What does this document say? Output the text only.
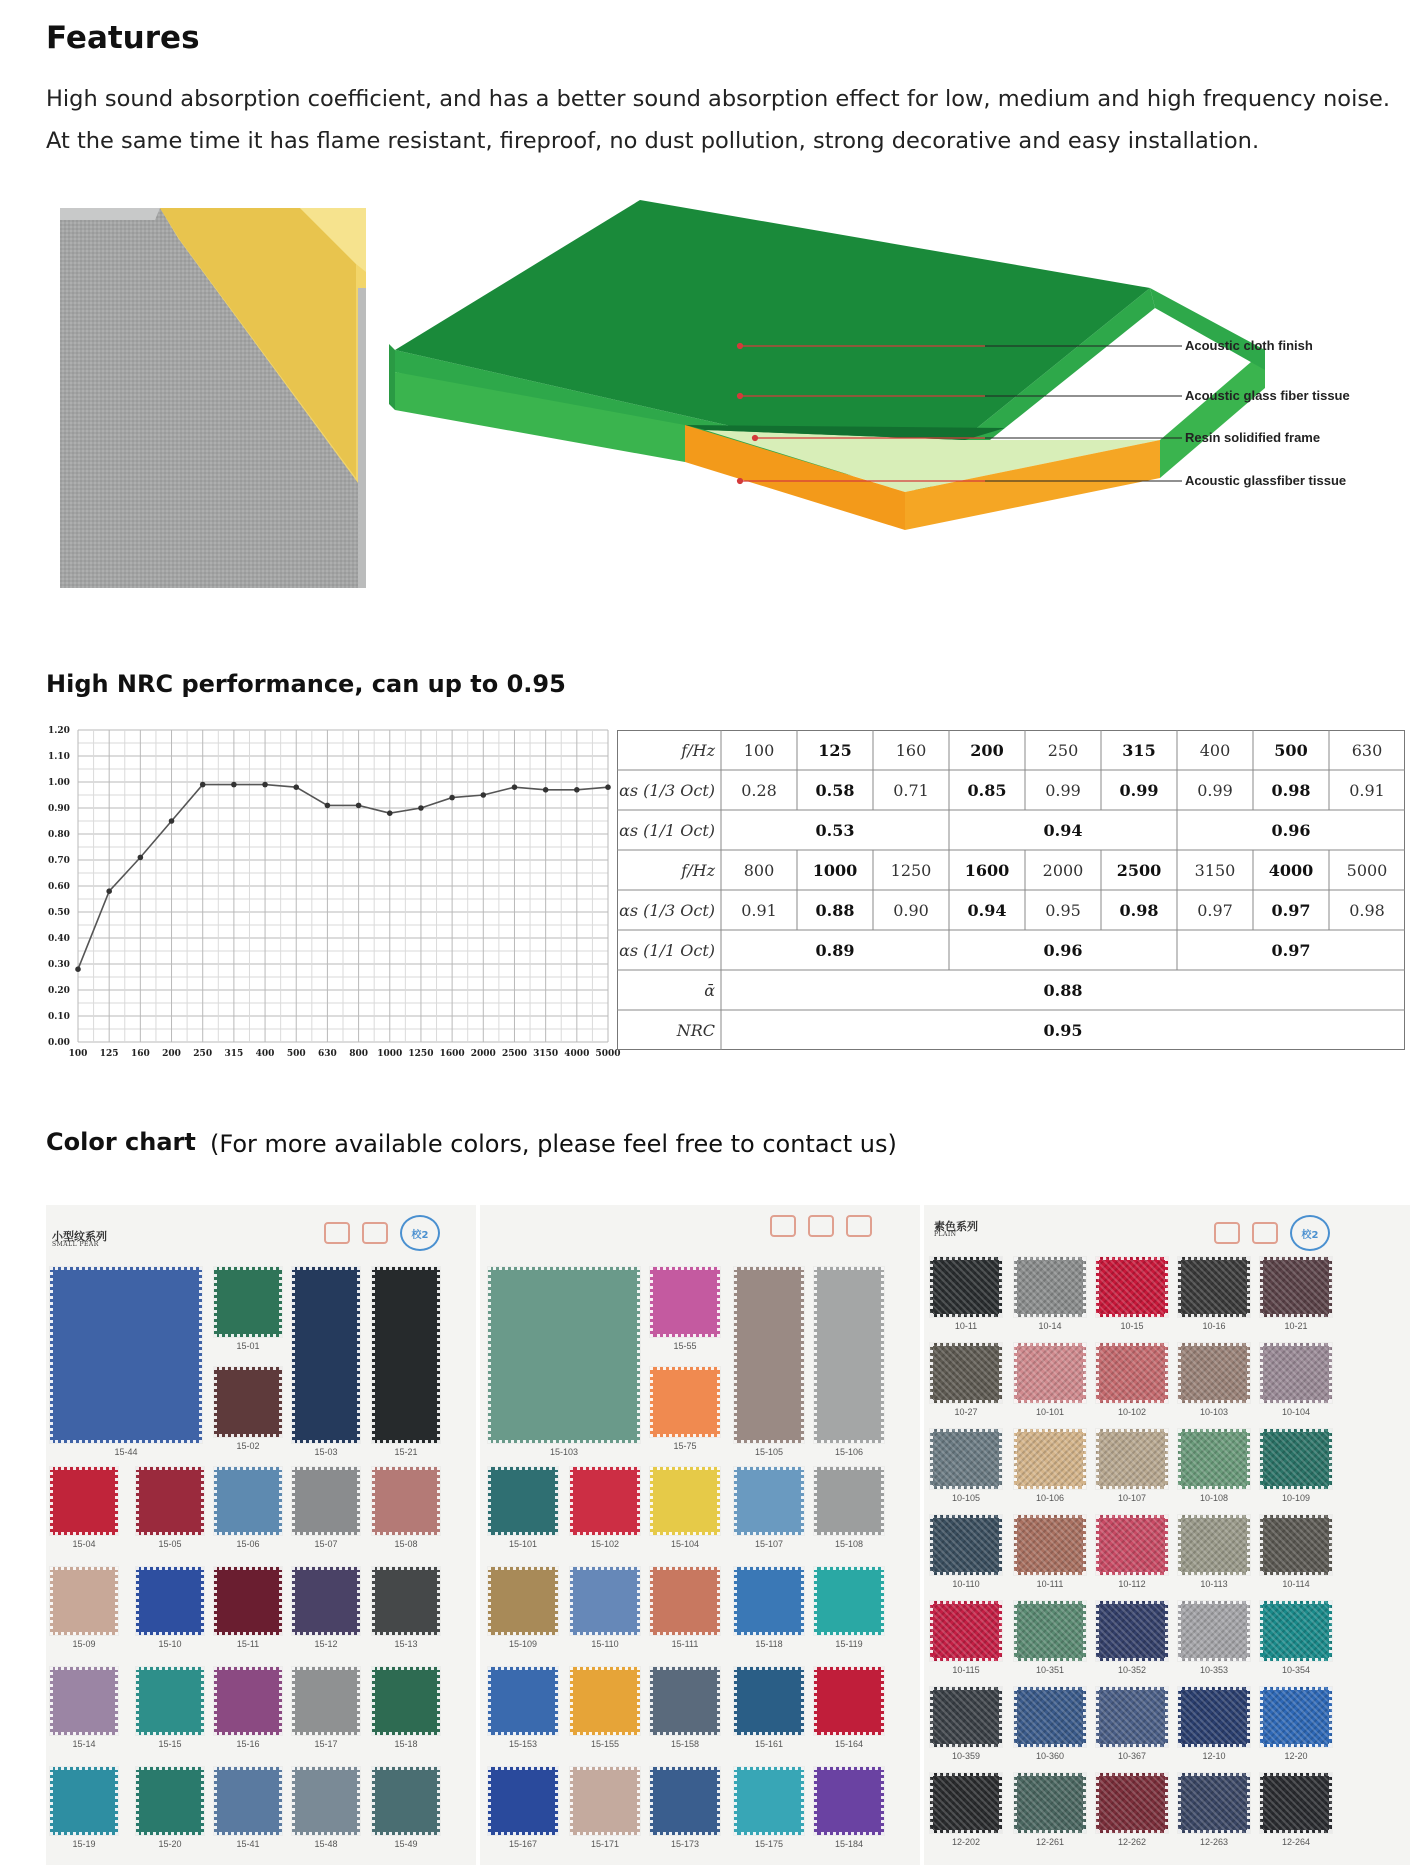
Features
High sound absorption coefficient, and has a better sound absorption effect for low, medium and high frequency noise.
At the same time it has flame resistant, fireproof, no dust pollution, strong decorative and easy installation.
Acoustic cloth finish
Acoustic glass fiber tissue
Resin solidified frame
Acoustic glassfiber tissue
High NRC performance, can up to 0.95
0.00
0.10
0.20
0.30
0.40
0.50
0.60
0.70
0.80
0.90
1.00
1.10
1.20
100 125 160 200 250 315 400 500 630 800 1000 1250 1600 2000 2500 3150 4000 5000
f/Hz 100	125	160	200	250	315	400	500	630
αs (1/3 Oct) 0.28 0.58 0.71 0.85 0.99 0.99 0.99 0.98 0.91
αs (1/1 Oct)	0.53	0.94	0.96
f/Hz 800 1000 1250 1600 2000 2500 3150 4000 5000
αs (1/3 Oct) 0.91 0.88 0.90 0.94 0.95 0.98 0.97 0.97 0.98
αs (1/1 Oct)	0.89	0.96	0.97
ᾱ	0.88
NRC	0.95
Color chart (For more available colors, please feel free to contact us)
小型纹系列
SMALL PEAR
校2
15-44
15-01
15-02
15-03	15-21
15-04	15-05	15-06	15-07	15-08
15-09	15-10	15-11	15-12	15-13
15-14	15-15	15-16	15-17	15-18
15-19	15-20	15-41	15-48	15-49
15-103
15-55
15-75
15-105	15-106
15-101	15-102	15-104	15-107	15-108
15-109	15-110	15-111	15-118	15-119
15-153	15-155	15-158	15-161	15-164
15-167	15-171	15-173	15-175	15-184
素色系列
PLAIN	校2
10-11	10-14	10-15	10-16	10-21
10-27	10-101	10-102	10-103	10-104
10-105	10-106	10-107	10-108	10-109
10-110	10-111	10-112	10-113	10-114
10-115	10-351	10-352	10-353	10-354
10-359	10-360	10-367	12-10	12-20
12-202	12-261	12-262	12-263	12-264
